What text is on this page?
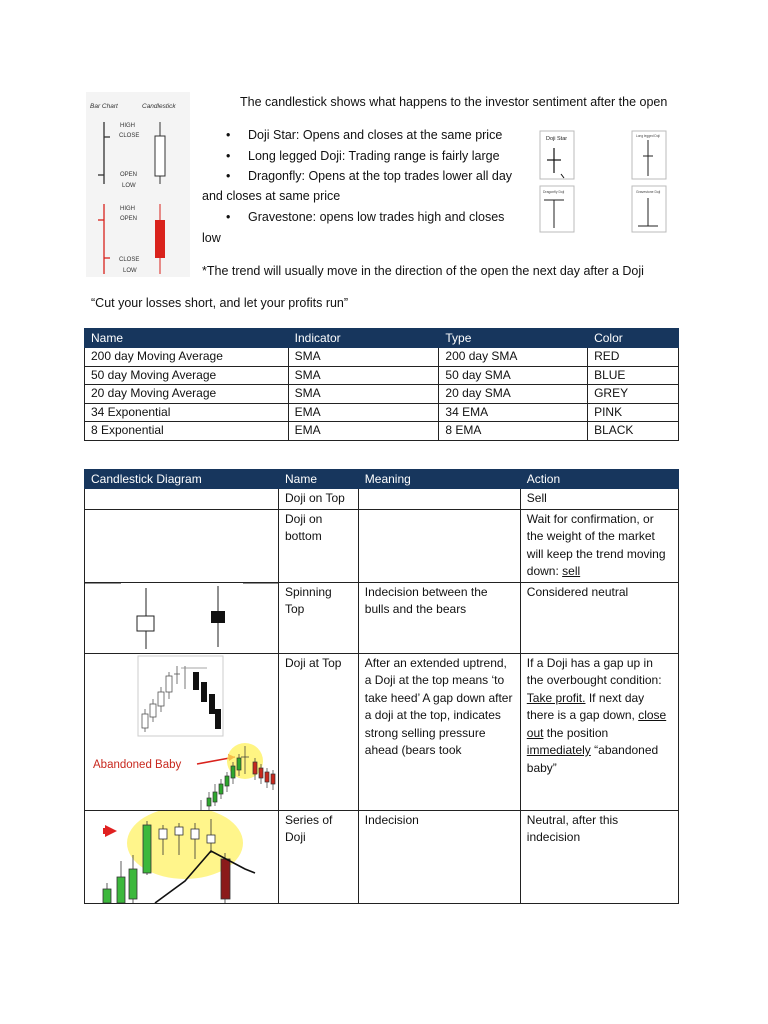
Bar Chart	Candlestick
HIGH
CLOSE
OPEN
LOW
HIGH
OPEN
CLOSE
LOW
The candlestick shows what happens to the investor sentiment after the open
• Doji Star: Opens and closes at the same price
• Long legged Doji: Trading range is fairly large
• Dragonfly: Opens at the top trades lower all day
and closes at same price
• Gravestone: opens low trades high and closes
low
Doji Star	Long legged Doji
Dragonfly Doji	Gravestone Doji
*The trend will usually move in the direction of the open the next day after a Doji
“Cut your losses short, and let your profits run”
Name	Indicator	Type	Color
200 day Moving Average	SMA	200 day SMA	RED
50 day Moving Average	SMA	50 day SMA	BLUE
20 day Moving Average	SMA	20 day SMA	GREY
34 Exponential	EMA	34 EMA	PINK
8 Exponential	EMA	8 EMA	BLACK
Candlestick Diagram	Name	Meaning	Action
	Doji on Top		Sell
	Doji on bottom		Wait for confirmation, or the weight of the market will keep the trend moving down: sell

	Spinning Top	Indecision between the bulls and the bears	Considered neutral

Abandoned Baby	Doji at Top	After an extended uptrend, a Doji at the top means ‘to take heed’ A gap down after a doji at the top, indicates strong selling pressure ahead (bears took	If a Doji has a gap up in the overbought condition: Take profit. If next day there is a gap down, close out the position immediately “abandoned baby”

	Series of Doji	Indecision	Neutral, after this indecision
